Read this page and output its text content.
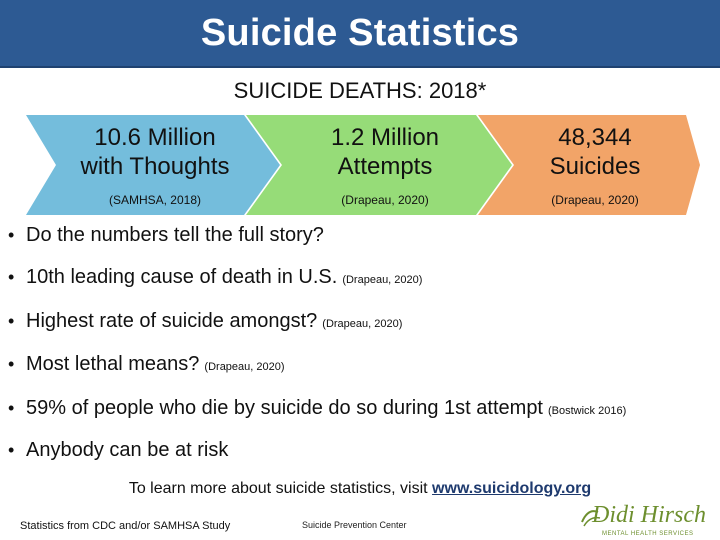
Suicide Statistics
SUICIDE DEATHS: 2018*
10.6 Million
with Thoughts
(SAMHSA, 2018)
1.2 Million
Attempts
(Drapeau, 2020)
48,344
Suicides
(Drapeau, 2020)
• Do the numbers tell the full story?
• 10th leading cause of death in U.S. (Drapeau, 2020)
• Highest rate of suicide amongst? (Drapeau, 2020)
• Most lethal means? (Drapeau, 2020)
• 59% of people who die by suicide do so during 1st attempt (Bostwick 2016)
• Anybody can be at risk
To learn more about suicide statistics, visit www.suicidology.org
Statistics from CDC and/or SAMHSA Study	Suicide Prevention Center	Didi Hirsch
MENTAL HEALTH SERVICES
